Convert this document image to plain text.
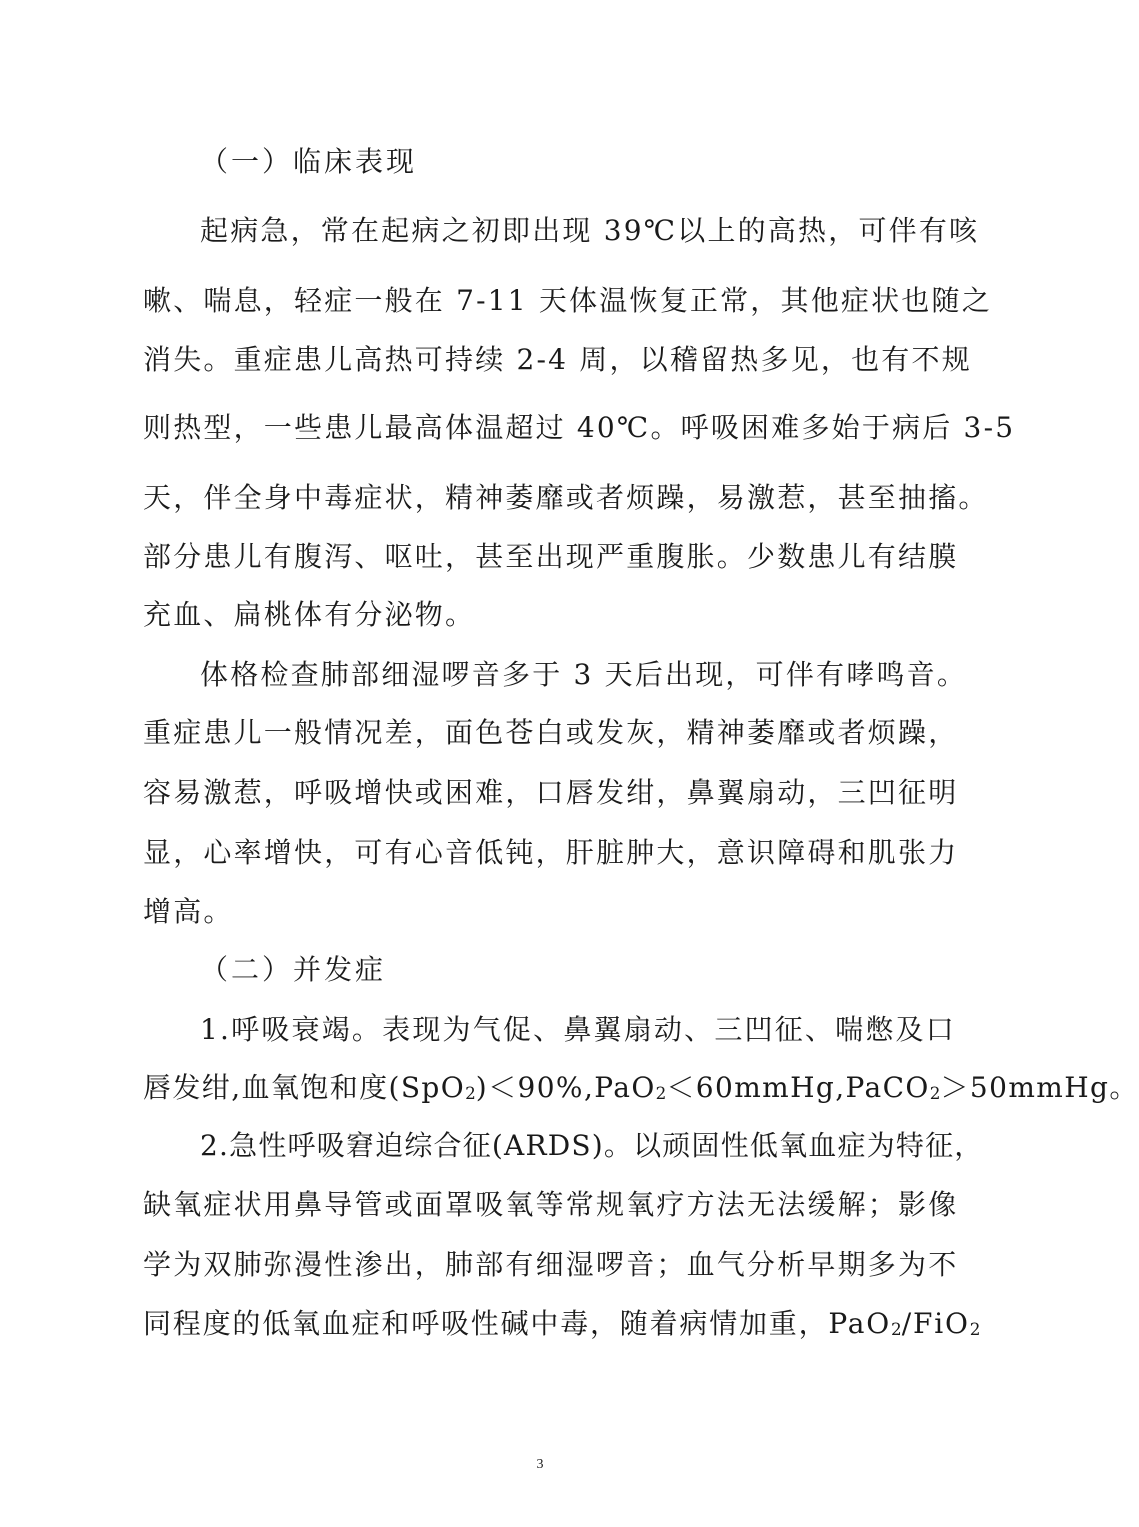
（一）临床表现
起病急，常在起病之初即出现 39℃以上的高热，可伴有咳
嗽、喘息，轻症一般在 7-11 天体温恢复正常，其他症状也随之
消失。重症患儿高热可持续 2-4 周，以稽留热多见，也有不规
则热型，一些患儿最高体温超过 40℃。呼吸困难多始于病后 3-5
天，伴全身中毒症状，精神萎靡或者烦躁，易激惹，甚至抽搐。
部分患儿有腹泻、呕吐，甚至出现严重腹胀。少数患儿有结膜
充血、扁桃体有分泌物。
体格检查肺部细湿啰音多于 3 天后出现，可伴有哮鸣音。
重症患儿一般情况差，面色苍白或发灰，精神萎靡或者烦躁，
容易激惹，呼吸增快或困难，口唇发绀，鼻翼扇动，三凹征明
显，心率增快，可有心音低钝，肝脏肿大，意识障碍和肌张力
增高。
（二）并发症
1.呼吸衰竭。表现为气促、鼻翼扇动、三凹征、喘憋及口
唇发绀,血氧饱和度(SpO$_2$)＜90%,PaO$_2$＜60mmHg,PaCO$_2$＞50mmHg。
2.急性呼吸窘迫综合征(ARDS)。以顽固性低氧血症为特征，
缺氧症状用鼻导管或面罩吸氧等常规氧疗方法无法缓解；影像
学为双肺弥漫性渗出，肺部有细湿啰音；血气分析早期多为不
同程度的低氧血症和呼吸性碱中毒，随着病情加重，PaO$_2$/FiO$_2$
3
